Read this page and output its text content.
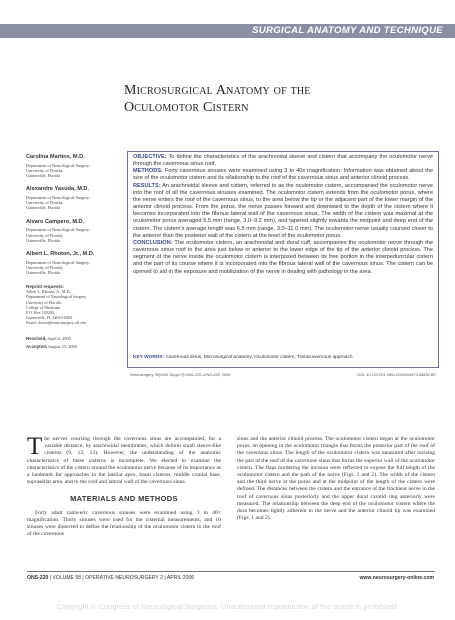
SURGICAL ANATOMY AND TECHNIQUE
Microsurgical Anatomy of the
Oculomotor Cistern
Carolina Martins, M.D.
Department of Neurological Surgery,
University of Florida,
Gainesville, Florida
Alexandre Yasuda, M.D.
Department of Neurological Surgery,
University of Florida,
Gainesville, Florida
Alvaro Campero, M.D.
Department of Neurological Surgery,
University of Florida,
Gainesville, Florida
Albert L. Rhoton, Jr., M.D.
Department of Neurological Surgery,
University of Florida,
Gainesville, Florida
Reprint requests:
Albert L. Rhoton, Jr., M.D.,
Department of Neurological Surgery,
University of Florida,
College of Medicine,
P.O. Box 100265,
Gainesville, FL 32610-0265.
Email: rhoton@neurosurgery.ufl.edu
Received, April 6, 2005.
Accepted, August 25, 2005.

OBJECTIVE: To define the characteristics of the arachnoidal sleeve and cistern that accompany the oculomotor nerve through the cavernous sinus roof.

METHODS: Forty cavernous sinuses were examined using 3 to 40x magnification. Information was obtained about the size of the oculomotor cistern and its relationship to the roof of the cavernous sinus and anterior clinoid process.

RESULTS: An arachnoidal sleeve and cistern, referred to as the oculomotor cistern, accompanied the oculomotor nerve into the roof of all the cavernous sinuses examined. The oculomotor cistern extends from the oculomotor porus, where the nerve enters the roof of the cavernous sinus, to the area below the tip or the adjacent part of the lower margin of the anterior clinoid process. From the porus, the nerve passes forward and downward to the depth of the cistern where it becomes incorporated into the fibrous lateral wall of the cavernous sinus. The width of the cistern was maximal at the oculomotor porus averaged 5.5 mm (range, 3.0–9.2 mm), and tapered slightly towards the midpoint and deep end of the cistern. The cistern's average length was 6.5 mm (range, 3.0–11.0 mm). The oculomotor nerve usually coursed closer to the anterior than the posterior wall of the cistern at the level of the oculomotor porus.

CONCLUSION: The oculomotor cistern, an arachnoidal and dural cuff, accompanies the oculomotor nerve through the cavernous sinus roof to the area just below or anterior to the lower edge of the tip of the anterior clinoid process. The segment of the nerve inside the oculomotor cistern is interposed between its free portion in the interpeduncular cistern and the part of its course where it is incorporated into the fibrous lateral wall of the cavernous sinus. The cistern can be opened to aid in the exposure and mobilization of the nerve in dealing with pathology in the area.

KEY WORDS: Cavernous sinus, Microsurgical anatomy, Oculomotor cistern, Transcavernous approach
Neurosurgery 58[ONS Suppl 2]:ONS-220–ONS-228, 2006	DOI: 10.1227/01.NEU.0000204673.55834.BE

The nerves coursing through the cavernous sinus are accompanied, for a variable distance, by arachnoidal membranes, which delimit small sleeve-like cisterns (9, 12, 13). However, the understanding of the anatomic characteristics of these cisterns is incomplete. We elected to examine the characteristics of the cistern around the oculomotor nerve because of its importance as a landmark for approaches to the basilar apex, basal cisterns, middle cranial base, suprasellar area, and to the roof and lateral wall of the cavernous sinus.

MATERIALS AND METHODS

Forty adult cadaveric cavernous sinuses were examined using 3 to 40× magnification. Thirty sinuses were used for the cisternal measurements, and 10 sinuses were dissected to define the relationship of the oculomotor cistern to the roof of the cavernous

sinus and the anterior clinoid process. The oculomotor cistern began at the oculomotor porus, an opening in the oculomotor triangle that forms the posterior part of the roof of the cavernous sinus. The length of the oculomotor cistern was measured after incising the part of the roof of the cavernous sinus that forms the superior wall of the oculomotor cistern. The flaps bordering the incision were reflected to expose the full length of the oculomotor cistern and the path of the nerve (Figs. 1 and 2). The width of the cistern and the third nerve at the porus and at the midpoint of the length of the cistern were defined. The distances between the cistern and the entrance of the trochlear nerve in the roof of cavernous sinus posteriorly and the upper dural carotid ring anteriorly were measured. The relationship between the deep end of the oculomotor cistern where the dura becomes tightly adherent to the nerve and the anterior clinoid tip was examined (Figs. 1 and 2).

ONS-220 | VOLUME 58 | OPERATIVE NEUROSURGERY 2 | APRIL 2006	www.neurosurgery-online.com
Copyright © Congress of Neurological Surgeons. Unauthorized reproduction of this article is prohibited.
